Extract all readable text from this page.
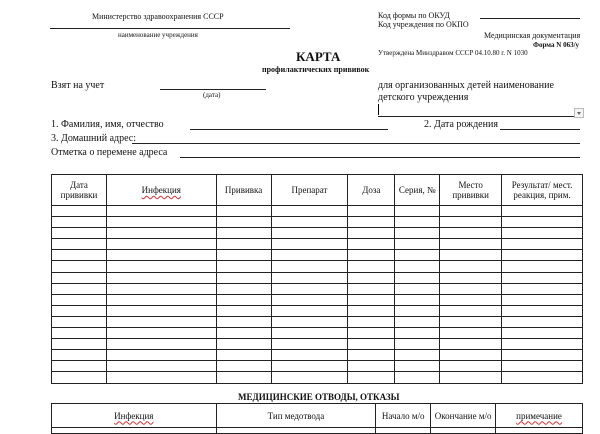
Министерство здравоохранения СССР
наименование учреждения
Код формы по ОКУД
Код учреждения по ОКПО
Медицинская документация
Форма N 063/у
Утверждена Минздравом СССР 04.10.80 г. N 1030
КАРТА
профилактических прививок
Взят на учет
(дата)
для организованных детей наименование
детского учреждения
1. Фамилия, имя, отчество	2. Дата рождения
3. Домашний адрес:
Отметка о перемене адреса
Дата прививки	Инфекция	Прививка	Препарат	Доза	Серия, №	Место прививки	Результат/ мест. реакция, прим.

МЕДИЦИНСКИЕ ОТВОДЫ, ОТКАЗЫ
Инфекция	Тип медотвода	Начало м/о	Окончание м/о	примечание
